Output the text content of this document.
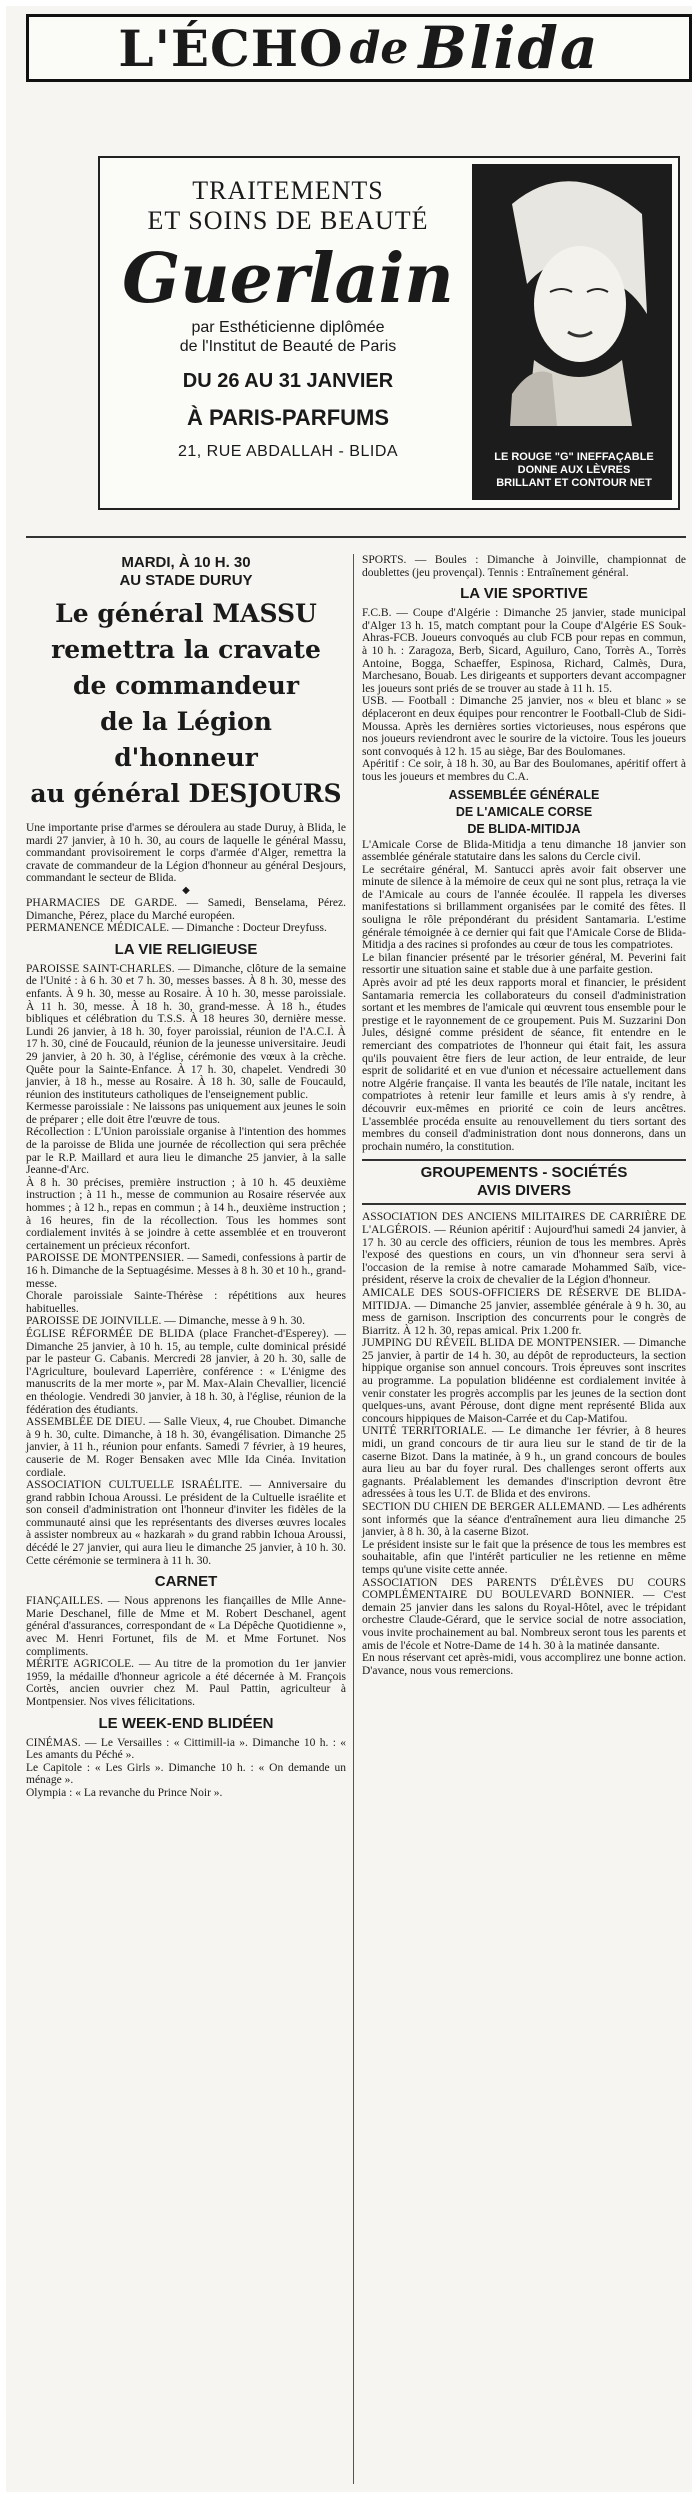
L'ÉCHO de Blida
TRAITEMENTS
ET SOINS DE BEAUTÉ
Guerlain
par Esthéticienne diplômée
de l'Institut de Beauté de Paris
DU 26 AU 31 JANVIER
À PARIS-PARFUMS
21, RUE ABDALLAH - BLIDA	LE ROUGE "G" INEFFAÇABLE
DONNE AUX LÈVRES
BRILLANT ET CONTOUR NET
MARDI, À 10 H. 30
AU STADE DURUY
Le général MASSU
remettra la cravate
de commandeur
de la Légion d'honneur
au général DESJOURS

Une importante prise d'armes se déroulera au stade Duruy, à Blida, le mardi 27 janvier, à 10 h. 30, au cours de laquelle le général Massu, commandant provisoirement le corps d'armée d'Alger, remettra la cravate de commandeur de la Légion d'honneur au général Desjours, commandant le secteur de Blida.

◆

PHARMACIES DE GARDE. — Samedi, Benselama, Pérez. Dimanche, Pérez, place du Marché européen.

PERMANENCE MÉDICALE. — Dimanche : Docteur Dreyfuss.

LA VIE RELIGIEUSE

PAROISSE SAINT-CHARLES. — Dimanche, clôture de la semaine de l'Unité : à 6 h. 30 et 7 h. 30, messes basses. À 8 h. 30, messe des enfants. À 9 h. 30, messe au Rosaire. À 10 h. 30, messe paroissiale. À 11 h. 30, messe. À 18 h. 30, grand-messe. À 18 h., études bibliques et célébration du T.S.S. À 18 heures 30, dernière messe. Lundi 26 janvier, à 18 h. 30, foyer paroissial, réunion de l'A.C.I. À 17 h. 30, ciné de Foucauld, réunion de la jeunesse universitaire. Jeudi 29 janvier, à 20 h. 30, à l'église, cérémonie des vœux à la crèche. Quête pour la Sainte-Enfance. À 17 h. 30, chapelet. Vendredi 30 janvier, à 18 h., messe au Rosaire. À 18 h. 30, salle de Foucauld, réunion des instituteurs catholiques de l'enseignement public.

Kermesse paroissiale : Ne laissons pas uniquement aux jeunes le soin de préparer ; elle doit être l'œuvre de tous.

Récollection : L'Union paroissiale organise à l'intention des hommes de la paroisse de Blida une journée de récollection qui sera prêchée par le R.P. Maillard et aura lieu le dimanche 25 janvier, à la salle Jeanne-d'Arc.

À 8 h. 30 précises, première instruction ; à 10 h. 45 deuxième instruction ; à 11 h., messe de communion au Rosaire réservée aux hommes ; à 12 h., repas en commun ; à 14 h., deuxième instruction ; à 16 heures, fin de la récollection. Tous les hommes sont cordialement invités à se joindre à cette assemblée et en trouveront certainement un précieux réconfort.

PAROISSE DE MONTPENSIER. — Samedi, confessions à partir de 16 h. Dimanche de la Septuagésime. Messes à 8 h. 30 et 10 h., grand-messe.

Chorale paroissiale Sainte-Thérèse : répétitions aux heures habituelles.

PAROISSE DE JOINVILLE. — Dimanche, messe à 9 h. 30.

ÉGLISE RÉFORMÉE DE BLIDA (place Franchet-d'Esperey). — Dimanche 25 janvier, à 10 h. 15, au temple, culte dominical présidé par le pasteur G. Cabanis. Mercredi 28 janvier, à 20 h. 30, salle de l'Agriculture, boulevard Laperrière, conférence : « L'énigme des manuscrits de la mer morte », par M. Max-Alain Chevallier, licencié en théologie. Vendredi 30 janvier, à 18 h. 30, à l'église, réunion de la fédération des étudiants.

ASSEMBLÉE DE DIEU. — Salle Vieux, 4, rue Choubet. Dimanche à 9 h. 30, culte. Dimanche, à 18 h. 30, évangélisation. Dimanche 25 janvier, à 11 h., réunion pour enfants. Samedi 7 février, à 19 heures, causerie de M. Roger Bensaken avec Mlle Ida Cinéa. Invitation cordiale.

ASSOCIATION CULTUELLE ISRAÉLITE. — Anniversaire du grand rabbin Ichoua Aroussi. Le président de la Cultuelle israélite et son conseil d'administration ont l'honneur d'inviter les fidèles de la communauté ainsi que les représentants des diverses œuvres locales à assister nombreux au « hazkarah » du grand rabbin Ichoua Aroussi, décédé le 27 janvier, qui aura lieu le dimanche 25 janvier, à 10 h. 30. Cette cérémonie se terminera à 11 h. 30.

CARNET

FIANÇAILLES. — Nous apprenons les fiançailles de Mlle Anne-Marie Deschanel, fille de Mme et M. Robert Deschanel, agent général d'assurances, correspondant de « La Dépêche Quotidienne », avec M. Henri Fortunet, fils de M. et Mme Fortunet. Nos compliments.

MÉRITE AGRICOLE. — Au titre de la promotion du 1er janvier 1959, la médaille d'honneur agricole a été décernée à M. François Cortès, ancien ouvrier chez M. Paul Pattin, agriculteur à Montpensier. Nos vives félicitations.

LE WEEK-END BLIDÉEN

CINÉMAS. — Le Versailles : « Cittimill-ia ». Dimanche 10 h. : « Les amants du Péché ».

Le Capitole : « Les Girls ». Dimanche 10 h. : « On demande un ménage ».

Olympia : « La revanche du Prince Noir ».

SPORTS. — Boules : Dimanche à Joinville, championnat de doublettes (jeu provençal). Tennis : Entraînement général.

LA VIE SPORTIVE

F.C.B. — Coupe d'Algérie : Dimanche 25 janvier, stade municipal d'Alger 13 h. 15, match comptant pour la Coupe d'Algérie ES Souk-Ahras-FCB. Joueurs convoqués au club FCB pour repas en commun, à 10 h. : Zaragoza, Berb, Sicard, Aguiluro, Cano, Torrès A., Torrès Antoine, Bogga, Schaeffer, Espinosa, Richard, Calmès, Dura, Marchesano, Bouab. Les dirigeants et supporters devant accompagner les joueurs sont priés de se trouver au stade à 11 h. 15.

USB. — Football : Dimanche 25 janvier, nos « bleu et blanc » se déplaceront en deux équipes pour rencontrer le Football-Club de Sidi-Moussa. Après les dernières sorties victorieuses, nous espérons que nos joueurs reviendront avec le sourire de la victoire. Tous les joueurs sont convoqués à 12 h. 15 au siège, Bar des Boulomanes.

Apéritif : Ce soir, à 18 h. 30, au Bar des Boulomanes, apéritif offert à tous les joueurs et membres du C.A.

ASSEMBLÉE GÉNÉRALE
DE L'AMICALE CORSE
DE BLIDA-MITIDJA

L'Amicale Corse de Blida-Mitidja a tenu dimanche 18 janvier son assemblée générale statutaire dans les salons du Cercle civil.

Le secrétaire général, M. Santucci après avoir fait observer une minute de silence à la mémoire de ceux qui ne sont plus, retraça la vie de l'Amicale au cours de l'année écoulée. Il rappela les diverses manifestations si brillamment organisées par le comité des fêtes. Il souligna le rôle prépondérant du président Santamaria. L'estime générale témoignée à ce dernier qui fait que l'Amicale Corse de Blida-Mitidja a des racines si profondes au cœur de tous les compatriotes.

Le bilan financier présenté par le trésorier général, M. Peverini fait ressortir une situation saine et stable due à une parfaite gestion.

Après avoir ad pté les deux rapports moral et financier, le président Santamaria remercia les collaborateurs du conseil d'administration sortant et les membres de l'amicale qui œuvrent tous ensemble pour le prestige et le rayonnement de ce groupement. Puis M. Suzzarini Don Jules, désigné comme président de séance, fit entendre en le remerciant des compatriotes de l'honneur qui était fait, les assura qu'ils pouvaient être fiers de leur action, de leur entraide, de leur esprit de solidarité et en vue d'union et nécessaire actuellement dans notre Algérie française. Il vanta les beautés de l'île natale, incitant les compatriotes à retenir leur famille et leurs amis à s'y rendre, à découvrir eux-mêmes en priorité ce coin de leurs ancêtres. L'assemblée procéda ensuite au renouvellement du tiers sortant des membres du conseil d'administration dont nous donnerons, dans un prochain numéro, la constitution.

GROUPEMENTS - SOCIÉTÉS
AVIS DIVERS

ASSOCIATION DES ANCIENS MILITAIRES DE CARRIÈRE DE L'ALGÉROIS. — Réunion apéritif : Aujourd'hui samedi 24 janvier, à 17 h. 30 au cercle des officiers, réunion de tous les membres. Après l'exposé des questions en cours, un vin d'honneur sera servi à l'occasion de la remise à notre camarade Mohammed Saïb, vice-président, réserve la croix de chevalier de la Légion d'honneur.

AMICALE DES SOUS-OFFICIERS DE RÉSERVE DE BLIDA-MITIDJA. — Dimanche 25 janvier, assemblée générale à 9 h. 30, au mess de garnison. Inscription des concurrents pour le congrès de Biarritz. À 12 h. 30, repas amical. Prix 1.200 fr.

JUMPING DU RÉVEIL BLIDA DE MONTPENSIER. — Dimanche 25 janvier, à partir de 14 h. 30, au dépôt de reproducteurs, la section hippique organise son annuel concours. Trois épreuves sont inscrites au programme. La population blidéenne est cordialement invitée à venir constater les progrès accomplis par les jeunes de la section dont quelques-uns, avant Pérouse, dont digne ment représenté Blida aux concours hippiques de Maison-Carrée et du Cap-Matifou.

UNITÉ TERRITORIALE. — Le dimanche 1er février, à 8 heures midi, un grand concours de tir aura lieu sur le stand de tir de la caserne Bizot. Dans la matinée, à 9 h., un grand concours de boules aura lieu au bar du foyer rural. Des challenges seront offerts aux gagnants. Préalablement les demandes d'inscription devront être adressées à tous les U.T. de Blida et des environs.

SECTION DU CHIEN DE BERGER ALLEMAND. — Les adhérents sont informés que la séance d'entraînement aura lieu dimanche 25 janvier, à 8 h. 30, à la caserne Bizot.

Le président insiste sur le fait que la présence de tous les membres est souhaitable, afin que l'intérêt particulier ne les retienne en même temps qu'une visite cette année.

ASSOCIATION DES PARENTS D'ÉLÈVES DU COURS COMPLÉMENTAIRE DU BOULEVARD BONNIER. — C'est demain 25 janvier dans les salons du Royal-Hôtel, avec le trépidant orchestre Claude-Gérard, que le service social de notre association, vous invite prochainement au bal. Nombreux seront tous les parents et amis de l'école et Notre-Dame de 14 h. 30 à la matinée dansante.

En nous réservant cet après-midi, vous accomplirez une bonne action. D'avance, nous vous remercions.
